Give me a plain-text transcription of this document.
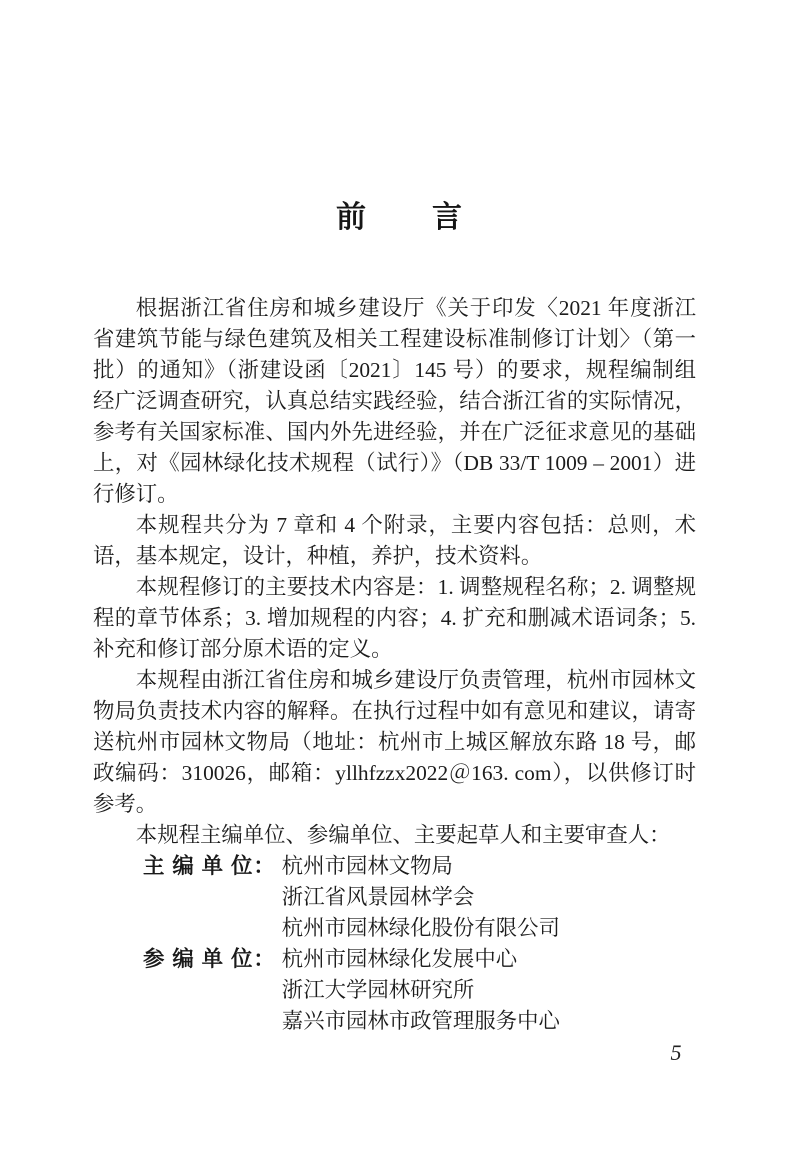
前　　言

根据浙江省住房和城乡建设厅《关于印发〈2021 年度浙江省建筑节能与绿色建筑及相关工程建设标准制修订计划〉（第一批）的通知》（浙建设函〔2021〕145 号）的要求，规程编制组经广泛调查研究，认真总结实践经验，结合浙江省的实际情况，参考有关国家标准、国内外先进经验，并在广泛征求意见的基础上，对《园林绿化技术规程（试行）》（DB 33/T 1009 – 2001）进行修订。

本规程共分为 7 章和 4 个附录，主要内容包括：总则，术语，基本规定，设计，种植，养护，技术资料。

本规程修订的主要技术内容是：1. 调整规程名称；2. 调整规程的章节体系；3. 增加规程的内容；4. 扩充和删减术语词条；5. 补充和修订部分原术语的定义。

本规程由浙江省住房和城乡建设厅负责管理，杭州市园林文物局负责技术内容的解释。在执行过程中如有意见和建议，请寄送杭州市园林文物局（地址：杭州市上城区解放东路 18 号，邮政编码：310026，邮箱：yllhfzzx2022＠163. com），以供修订时参考。

本规程主编单位、参编单位、主要起草人和主要审查人：

主 编 单 位： 杭州市园林文物局
浙江省风景园林学会
杭州市园林绿化股份有限公司
参 编 单 位： 杭州市园林绿化发展中心
浙江大学园林研究所
嘉兴市园林市政管理服务中心
5
